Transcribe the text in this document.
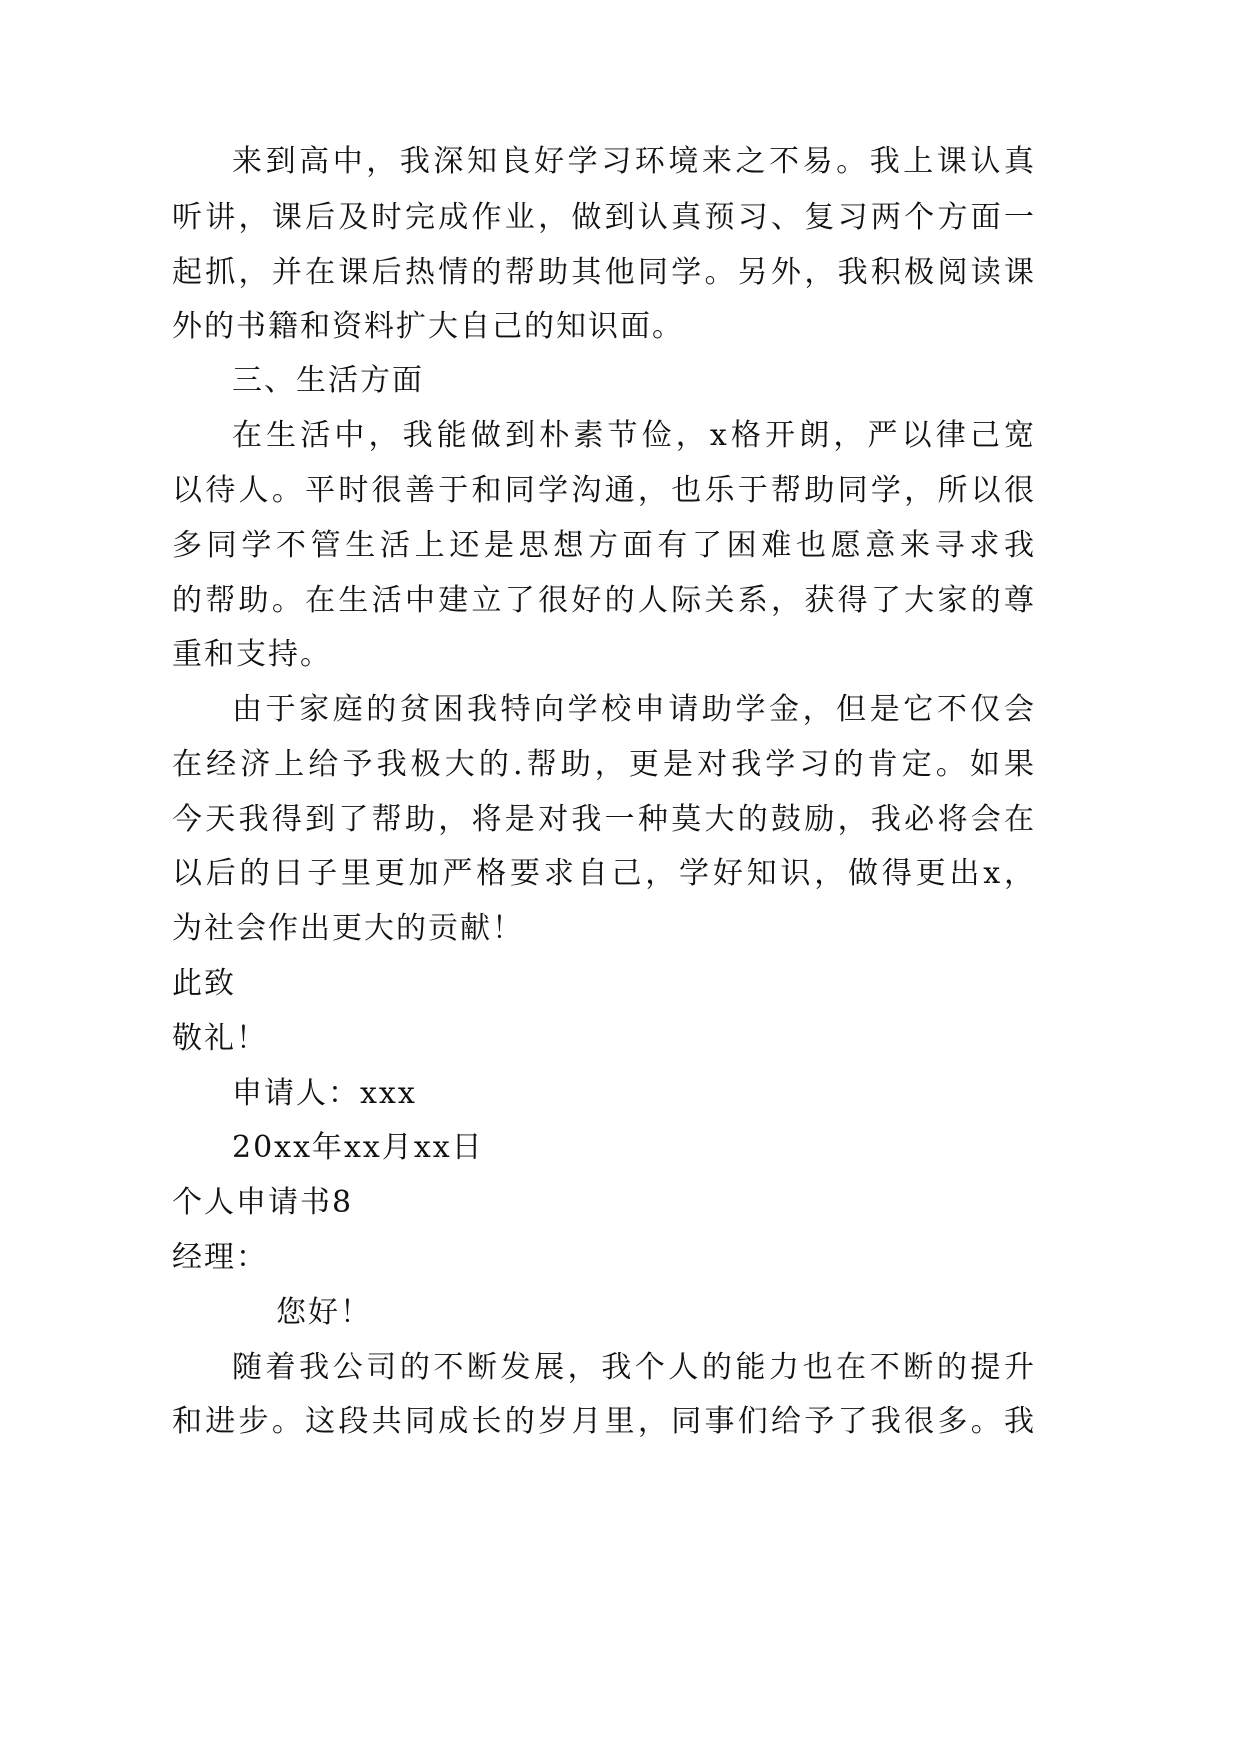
来到高中，我深知良好学习环境来之不易。我上课认真
听讲，课后及时完成作业，做到认真预习、复习两个方面一
起抓，并在课后热情的帮助其他同学。另外，我积极阅读课
外的书籍和资料扩大自己的知识面。
三、生活方面
在生活中，我能做到朴素节俭，x格开朗，严以律己宽
以待人。平时很善于和同学沟通，也乐于帮助同学，所以很
多同学不管生活上还是思想方面有了困难也愿意来寻求我
的帮助。在生活中建立了很好的人际关系，获得了大家的尊
重和支持。
由于家庭的贫困我特向学校申请助学金，但是它不仅会
在经济上给予我极大的.帮助，更是对我学习的肯定。如果
今天我得到了帮助，将是对我一种莫大的鼓励，我必将会在
以后的日子里更加严格要求自己，学好知识，做得更出x，
为社会作出更大的贡献！
此致
敬礼！
申请人：xxx
20xx年xx月xx日
个人申请书8
经理：
您好！
随着我公司的不断发展，我个人的能力也在不断的提升
和进步。这段共同成长的岁月里，同事们给予了我很多。我
